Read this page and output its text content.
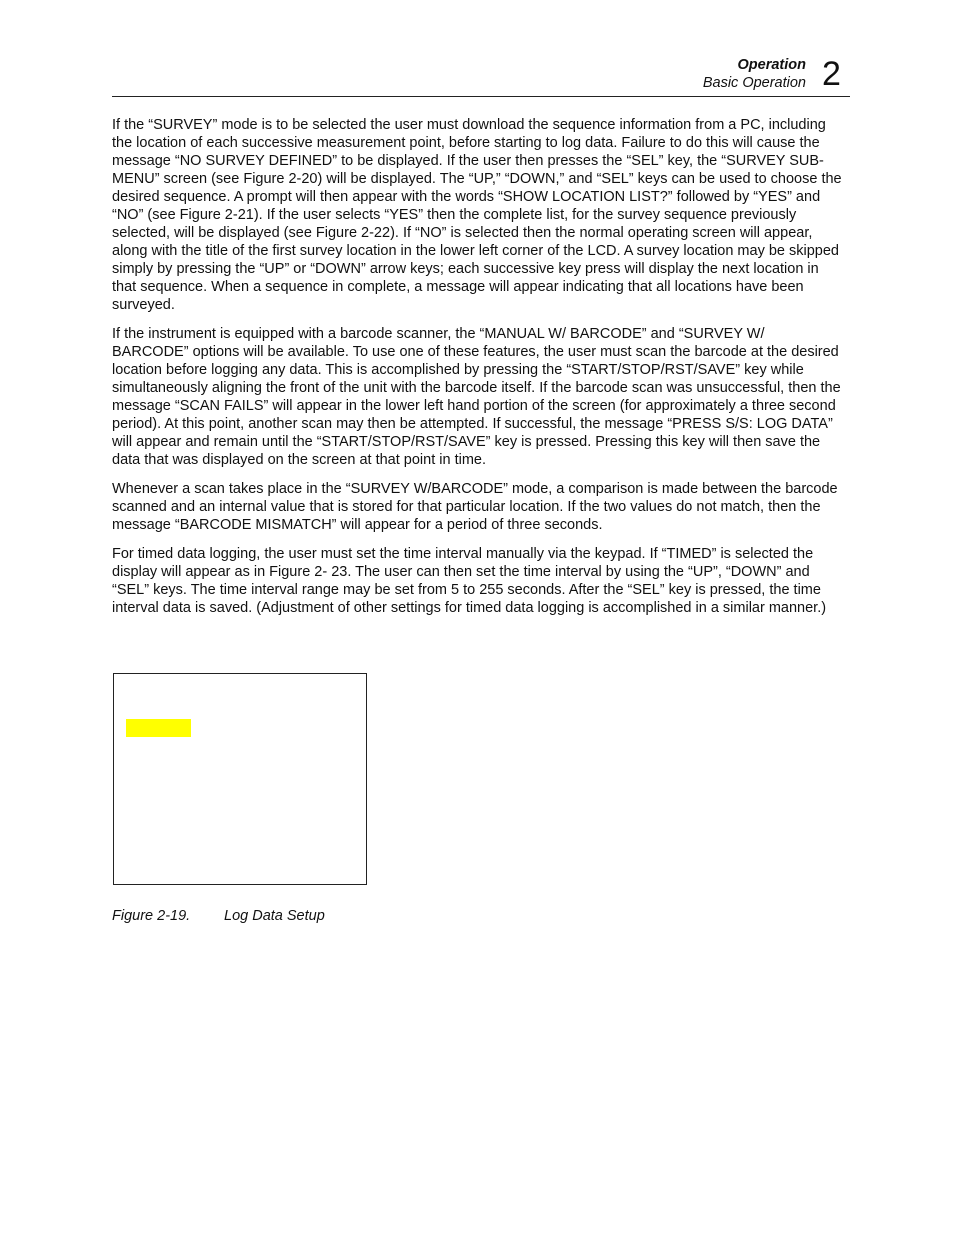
Operation
Basic Operation 2

If the “SURVEY” mode is to be selected the user must download the sequence information from a PC, including the location of each successive measurement point, before starting to log data. Failure to do this will cause the message “NO SURVEY DEFINED” to be displayed. If the user then presses the “SEL” key, the “SURVEY SUB-MENU” screen (see Figure 2-20) will be displayed. The “UP,” “DOWN,” and “SEL” keys can be used to choose the desired sequence. A prompt will then appear with the words “SHOW LOCATION LIST?” followed by “YES” and “NO” (see Figure 2-21). If the user selects “YES” then the complete list, for the survey sequence previously selected, will be displayed (see Figure 2-22). If “NO” is selected then the normal operating screen will appear, along with the title of the first survey location in the lower left corner of the LCD. A survey location may be skipped simply by pressing the “UP” or “DOWN” arrow keys; each successive key press will display the next location in that sequence. When a sequence in complete, a message will appear indicating that all locations have been surveyed.

If the instrument is equipped with a barcode scanner, the “MANUAL W/ BARCODE” and “SURVEY W/ BARCODE” options will be available. To use one of these features, the user must scan the barcode at the desired location before logging any data. This is accomplished by pressing the “START/STOP/RST/SAVE” key while simultaneously aligning the front of the unit with the barcode itself. If the barcode scan was unsuccessful, then the message “SCAN FAILS” will appear in the lower left hand portion of the screen (for approximately a three second period). At this point, another scan may then be attempted. If successful, the message “PRESS S/S: LOG DATA” will appear and remain until the “START/STOP/RST/SAVE” key is pressed. Pressing this key will then save the data that was displayed on the screen at that point in time.

Whenever a scan takes place in the “SURVEY W/BARCODE” mode, a comparison is made between the barcode scanned and an internal value that is stored for that particular location. If the two values do not match, then the message “BARCODE MISMATCH” will appear for a period of three seconds.

For timed data logging, the user must set the time interval manually via the keypad. If “TIMED” is selected the display will appear as in Figure 2- 23. The user can then set the time interval by using the “UP”, “DOWN” and “SEL” keys. The time interval range may be set from 5 to 255 seconds. After the “SEL” key is pressed, the time interval data is saved. (Adjustment of other settings for timed data logging is accomplished in a similar manner.)

Figure 2-19. Log Data Setup
